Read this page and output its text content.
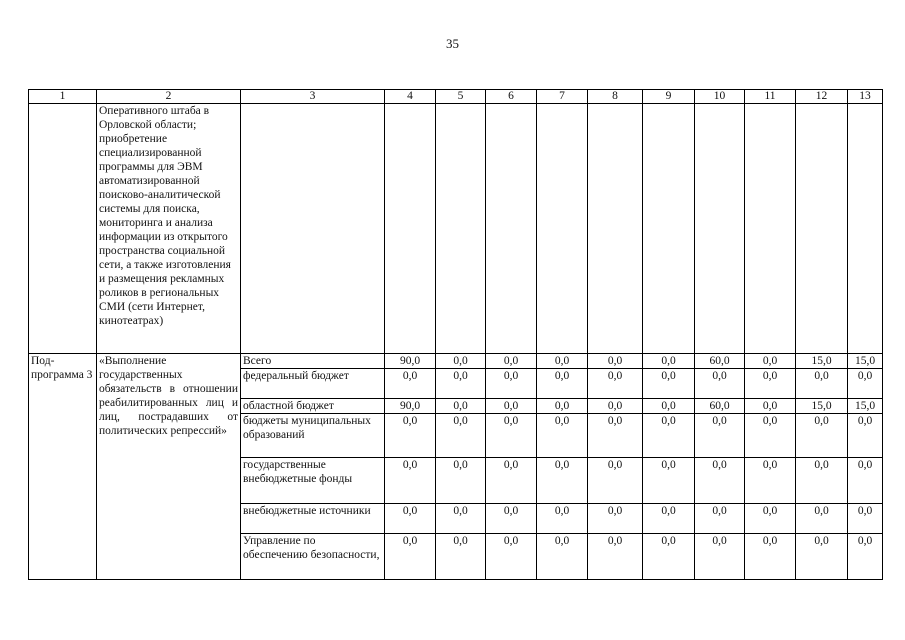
35
1	2	3	4	5	6	7	8	9	10	11	12	13
	Оперативного штаба в Орловской области; приобретение специализированной программы для ЭВМ автоматизированной поисково-аналитической системы для поиска, мониторинга и анализа информации из открытого пространства социальной сети, а также изготовления и размещения рекламных роликов в региональных СМИ (сети Интернет, кинотеатрах)											
Под-программа 3	«Выполнение государственных обязательств в отношении реабилитированных лиц и лиц, пострадавших от политических репрессий»	Всего	90,0	0,0	0,0	0,0	0,0	0,0	60,0	0,0	15,0	15,0
		федеральный бюджет	0,0	0,0	0,0	0,0	0,0	0,0	0,0	0,0	0,0	0,0
		областной бюджет	90,0	0,0	0,0	0,0	0,0	0,0	60,0	0,0	15,0	15,0
		бюджеты муниципальных образований	0,0	0,0	0,0	0,0	0,0	0,0	0,0	0,0	0,0	0,0
		государственные внебюджетные фонды	0,0	0,0	0,0	0,0	0,0	0,0	0,0	0,0	0,0	0,0
		внебюджетные источники	0,0	0,0	0,0	0,0	0,0	0,0	0,0	0,0	0,0	0,0
		Управление по обеспечению безопасности,	0,0	0,0	0,0	0,0	0,0	0,0	0,0	0,0	0,0	0,0
